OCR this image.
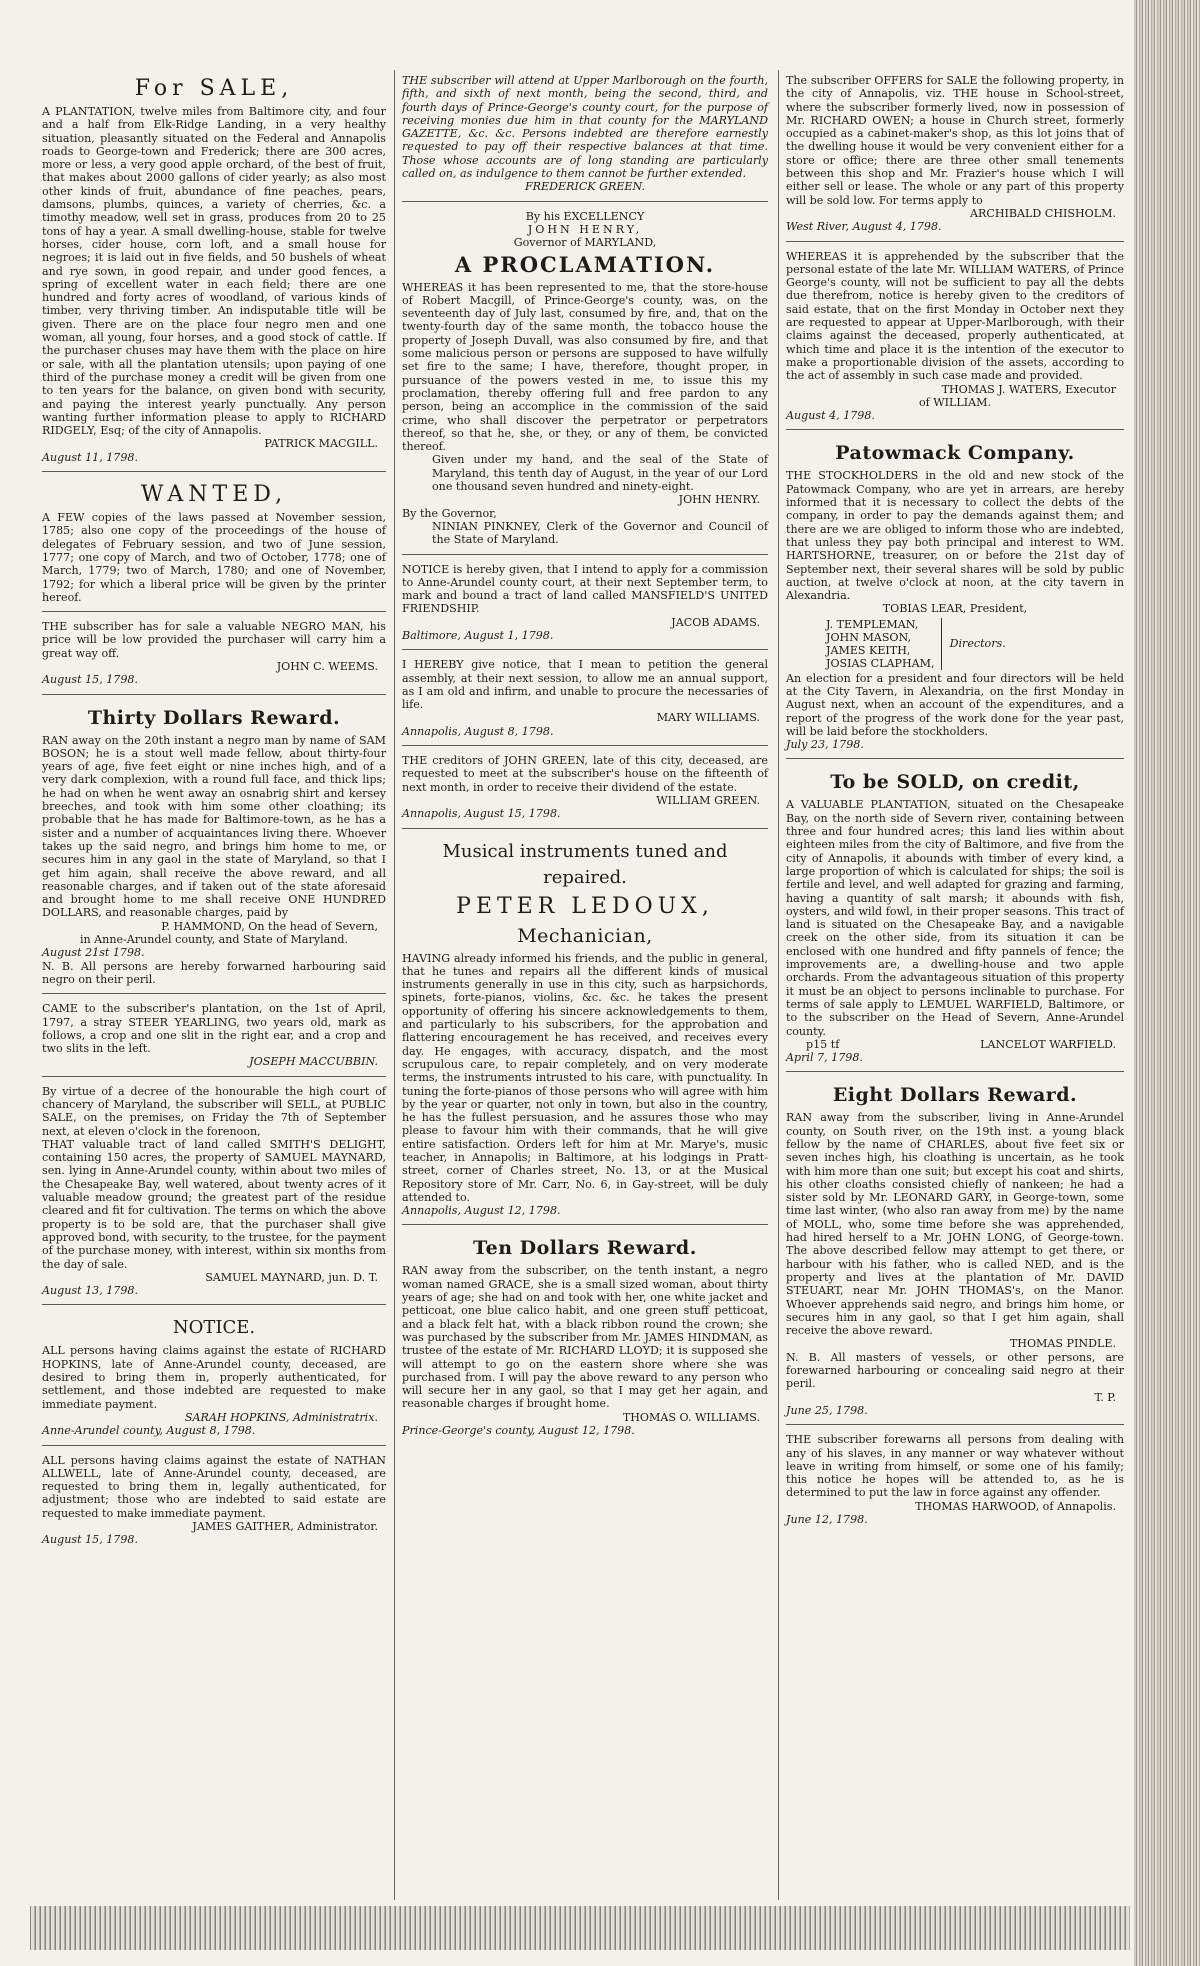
For SALE,

A PLANTATION, twelve miles from Baltimore city, and four and a half from Elk-Ridge Landing, in a very healthy situation, pleasantly situated on the Federal and Annapolis roads to George-town and Frederick; there are 300 acres, more or less, a very good apple orchard, of the best of fruit, that makes about 2000 gallons of cider yearly; as also most other kinds of fruit, abundance of fine peaches, pears, damsons, plumbs, quinces, a variety of cherries, &c. a timothy meadow, well set in grass, produces from 20 to 25 tons of hay a year. A small dwelling-house, stable for twelve horses, cider house, corn loft, and a small house for negroes; it is laid out in five fields, and 50 bushels of wheat and rye sown, in good repair, and under good fences, a spring of excellent water in each field; there are one hundred and forty acres of woodland, of various kinds of timber, very thriving timber. An indisputable title will be given. There are on the place four negro men and one woman, all young, four horses, and a good stock of cattle. If the purchaser chuses may have them with the place on hire or sale, with all the plantation utensils; upon paying of one third of the purchase money a credit will be given from one to ten years for the balance, on given bond with security, and paying the interest yearly punctually. Any person wanting further information please to apply to RICHARD RIDGELY, Esq; of the city of Annapolis.

PATRICK MACGILL.
August 11, 1798.
WANTED,

A FEW copies of the laws passed at November session, 1785; also one copy of the proceedings of the house of delegates of February session, and two of June session, 1777; one copy of March, and two of October, 1778; one of March, 1779; two of March, 1780; and one of November, 1792; for which a liberal price will be given by the printer hereof.

THE subscriber has for sale a valuable NEGRO MAN, his price will be low provided the purchaser will carry him a great way off.

JOHN C. WEEMS.
August 15, 1798.
Thirty Dollars Reward.

RAN away on the 20th instant a negro man by name of SAM BOSON; he is a stout well made fellow, about thirty-four years of age, five feet eight or nine inches high, and of a very dark complexion, with a round full face, and thick lips; he had on when he went away an osnabrig shirt and kersey breeches, and took with him some other cloathing; its probable that he has made for Baltimore-town, as he has a sister and a number of acquaintances living there. Whoever takes up the said negro, and brings him home to me, or secures him in any gaol in the state of Maryland, so that I get him again, shall receive the above reward, and all reasonable charges, and if taken out of the state aforesaid and brought home to me shall receive ONE HUNDRED DOLLARS, and reasonable charges, paid by

P. HAMMOND, On the head of Severn,
in Anne-Arundel county, and State of Maryland.
August 21st 1798.

N. B. All persons are hereby forwarned harbouring said negro on their peril.

CAME to the subscriber's plantation, on the 1st of April, 1797, a stray STEER YEARLING, two years old, mark as follows, a crop and one slit in the right ear, and a crop and two slits in the left.

JOSEPH MACCUBBIN.

By virtue of a decree of the honourable the high court of chancery of Maryland, the subscriber will SELL, at PUBLIC SALE, on the premises, on Friday the 7th of September next, at eleven o'clock in the forenoon,

THAT valuable tract of land called SMITH'S DELIGHT, containing 150 acres, the property of SAMUEL MAYNARD, sen. lying in Anne-Arundel county, within about two miles of the Chesapeake Bay, well watered, about twenty acres of it valuable meadow ground; the greatest part of the residue cleared and fit for cultivation. The terms on which the above property is to be sold are, that the purchaser shall give approved bond, with security, to the trustee, for the payment of the purchase money, with interest, within six months from the day of sale.

SAMUEL MAYNARD, jun. D. T.
August 13, 1798.
NOTICE.

ALL persons having claims against the estate of RICHARD HOPKINS, late of Anne-Arundel county, deceased, are desired to bring them in, properly authenticated, for settlement, and those indebted are requested to make immediate payment.

SARAH HOPKINS, Administratrix.
Anne-Arundel county, August 8, 1798.

ALL persons having claims against the estate of NATHAN ALLWELL, late of Anne-Arundel county, deceased, are requested to bring them in, legally authenticated, for adjustment; those who are indebted to said estate are requested to make immediate payment.

JAMES GAITHER, Administrator.
August 15, 1798.

THE subscriber will attend at Upper Marlborough on the fourth, fifth, and sixth of next month, being the second, third, and fourth days of Prince-George's county court, for the purpose of receiving monies due him in that county for the MARYLAND GAZETTE, &c. &c. Persons indebted are therefore earnestly requested to pay off their respective balances at that time. Those whose accounts are of long standing are particularly called on, as indulgence to them cannot be further extended.

FREDERICK GREEN.
By his EXCELLENCY
JOHN HENRY,
Governor of MARYLAND,
A PROCLAMATION.

WHEREAS it has been represented to me, that the store-house of Robert Macgill, of Prince-George's county, was, on the seventeenth day of July last, consumed by fire, and, that on the twenty-fourth day of the same month, the tobacco house the property of Joseph Duvall, was also consumed by fire, and that some malicious person or persons are supposed to have wilfully set fire to the same; I have, therefore, thought proper, in pursuance of the powers vested in me, to issue this my proclamation, thereby offering full and free pardon to any person, being an accomplice in the commission of the said crime, who shall discover the perpetrator or perpetrators thereof, so that he, she, or they, or any of them, be convicted thereof.

Given under my hand, and the seal of the State of Maryland, this tenth day of August, in the year of our Lord one thousand seven hundred and ninety-eight.

JOHN HENRY.
By the Governor,

NINIAN PINKNEY, Clerk of the Governor and Council of the State of Maryland.

NOTICE is hereby given, that I intend to apply for a commission to Anne-Arundel county court, at their next September term, to mark and bound a tract of land called MANSFIELD'S UNITED FRIENDSHIP.

JACOB ADAMS.
Baltimore, August 1, 1798.

I HEREBY give notice, that I mean to petition the general assembly, at their next session, to allow me an annual support, as I am old and infirm, and unable to procure the necessaries of life.

MARY WILLIAMS.
Annapolis, August 8, 1798.

THE creditors of JOHN GREEN, late of this city, deceased, are requested to meet at the subscriber's house on the fifteenth of next month, in order to receive their dividend of the estate.

WILLIAM GREEN.
Annapolis, August 15, 1798.
Musical instruments tuned and repaired.
PETER LEDOUX,
Mechanician,

HAVING already informed his friends, and the public in general, that he tunes and repairs all the different kinds of musical instruments generally in use in this city, such as harpsichords, spinets, forte-pianos, violins, &c. &c. he takes the present opportunity of offering his sincere acknowledgements to them, and particularly to his subscribers, for the approbation and flattering encouragement he has received, and receives every day. He engages, with accuracy, dispatch, and the most scrupulous care, to repair completely, and on very moderate terms, the instruments intrusted to his care, with punctuality. In tuning the forte-pianos of those persons who will agree with him by the year or quarter, not only in town, but also in the country, he has the fullest persuasion, and he assures those who may please to favour him with their commands, that he will give entire satisfaction. Orders left for him at Mr. Marye's, music teacher, in Annapolis; in Baltimore, at his lodgings in Pratt-street, corner of Charles street, No. 13, or at the Musical Repository store of Mr. Carr, No. 6, in Gay-street, will be duly attended to.

Annapolis, August 12, 1798.
Ten Dollars Reward.

RAN away from the subscriber, on the tenth instant, a negro woman named GRACE, she is a small sized woman, about thirty years of age; she had on and took with her, one white jacket and petticoat, one blue calico habit, and one green stuff petticoat, and a black felt hat, with a black ribbon round the crown; she was purchased by the subscriber from Mr. JAMES HINDMAN, as trustee of the estate of Mr. RICHARD LLOYD; it is supposed she will attempt to go on the eastern shore where she was purchased from. I will pay the above reward to any person who will secure her in any gaol, so that I may get her again, and reasonable charges if brought home.

THOMAS O. WILLIAMS.
Prince-George's county, August 12, 1798.

The subscriber OFFERS for SALE the following property, in the city of Annapolis, viz. THE house in School-street, where the subscriber formerly lived, now in possession of Mr. RICHARD OWEN; a house in Church street, formerly occupied as a cabinet-maker's shop, as this lot joins that of the dwelling house it would be very convenient either for a store or office; there are three other small tenements between this shop and Mr. Frazier's house which I will either sell or lease. The whole or any part of this property will be sold low. For terms apply to

ARCHIBALD CHISHOLM.
West River, August 4, 1798.

WHEREAS it is apprehended by the subscriber that the personal estate of the late Mr. WILLIAM WATERS, of Prince George's county, will not be sufficient to pay all the debts due therefrom, notice is hereby given to the creditors of said estate, that on the first Monday in October next they are requested to appear at Upper-Marlborough, with their claims against the deceased, properly authenticated, at which time and place it is the intention of the executor to make a proportionable division of the assets, according to the act of assembly in such case made and provided.

THOMAS J. WATERS, Executor
of WILLIAM.
August 4, 1798.
Patowmack Company.

THE STOCKHOLDERS in the old and new stock of the Patowmack Company, who are yet in arrears, are hereby informed that it is necessary to collect the debts of the company, in order to pay the demands against them; and there are we are obliged to inform those who are indebted, that unless they pay both principal and interest to WM. HARTSHORNE, treasurer, on or before the 21st day of September next, their several shares will be sold by public auction, at twelve o'clock at noon, at the city tavern in Alexandria.

TOBIAS LEAR, President,
J. TEMPLEMAN,
JOHN MASON,
JAMES KEITH,
JOSIAS CLAPHAM,
Directors.

An election for a president and four directors will be held at the City Tavern, in Alexandria, on the first Monday in August next, when an account of the expenditures, and a report of the progress of the work done for the year past, will be laid before the stockholders.

July 23, 1798.
To be SOLD, on credit,

A VALUABLE PLANTATION, situated on the Chesapeake Bay, on the north side of Severn river, containing between three and four hundred acres; this land lies within about eighteen miles from the city of Baltimore, and five from the city of Annapolis, it abounds with timber of every kind, a large proportion of which is calculated for ships; the soil is fertile and level, and well adapted for grazing and farming, having a quantity of salt marsh; it abounds with fish, oysters, and wild fowl, in their proper seasons. This tract of land is situated on the Chesapeake Bay, and a navigable creek on the other side, from its situation it can be enclosed with one hundred and fifty pannels of fence; the improvements are, a dwelling-house and two apple orchards. From the advantageous situation of this property it must be an object to persons inclinable to purchase. For terms of sale apply to LEMUEL WARFIELD, Baltimore, or to the subscriber on the Head of Severn, Anne-Arundel county.

p15 tf	LANCELOT WARFIELD.
April 7, 1798.
Eight Dollars Reward.

RAN away from the subscriber, living in Anne-Arundel county, on South river, on the 19th inst. a young black fellow by the name of CHARLES, about five feet six or seven inches high, his cloathing is uncertain, as he took with him more than one suit; but except his coat and shirts, his other cloaths consisted chiefly of nankeen; he had a sister sold by Mr. LEONARD GARY, in George-town, some time last winter, (who also ran away from me) by the name of MOLL, who, some time before she was apprehended, had hired herself to a Mr. JOHN LONG, of George-town. The above described fellow may attempt to get there, or harbour with his father, who is called NED, and is the property and lives at the plantation of Mr. DAVID STEUART, near Mr. JOHN THOMAS's, on the Manor. Whoever apprehends said negro, and brings him home, or secures him in any gaol, so that I get him again, shall receive the above reward.

THOMAS PINDLE.

N. B. All masters of vessels, or other persons, are forewarned harbouring or concealing said negro at their peril.

T. P.
June 25, 1798.

THE subscriber forewarns all persons from dealing with any of his slaves, in any manner or way whatever without leave in writing from himself, or some one of his family; this notice he hopes will be attended to, as he is determined to put the law in force against any offender.

THOMAS HARWOOD, of Annapolis.
June 12, 1798.
